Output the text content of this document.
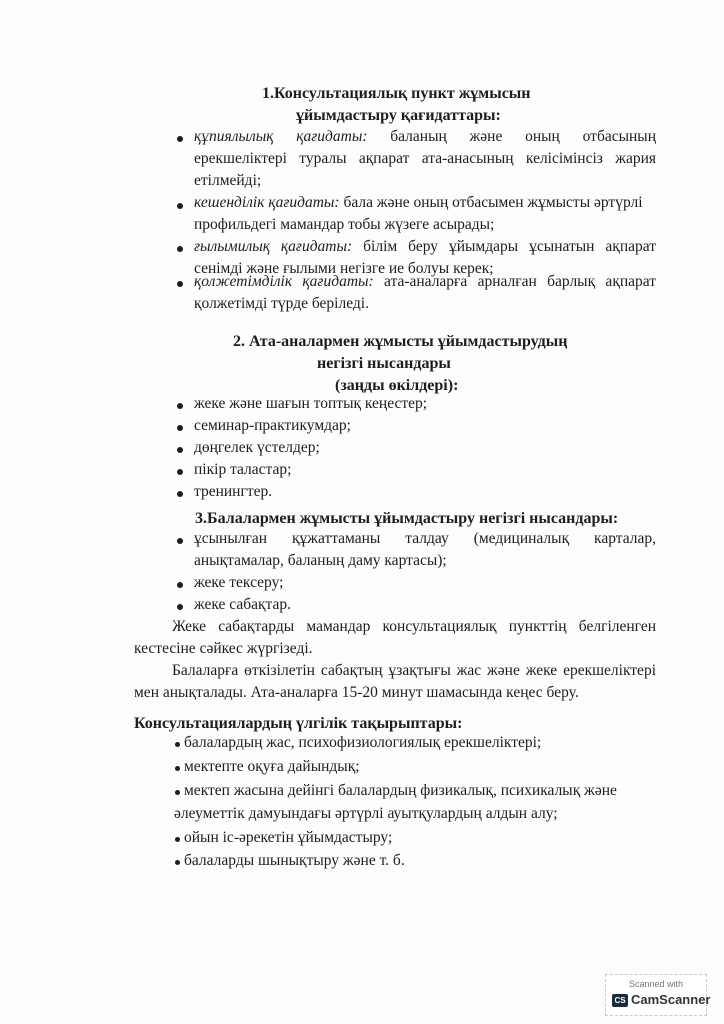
1.Консультациялық пункт жұмысын
ұйымдастыру қағидаттары:
құпиялылық қағидаты: баланың және оның отбасының
ерекшеліктері туралы ақпарат ата-анасының келісімінсіз жария
етілмейді;
кешенділік қағидаты: бала және оның отбасымен жұмысты әртүрлі
профильдегі мамандар тобы жүзеге асырады;
ғылымилық қағидаты: білім беру ұйымдары ұсынатын ақпарат
сенімді және ғылыми негізге ие болуы керек;
қолжетімділік қағидаты: ата-аналарға арналған барлық ақпарат
қолжетімді түрде беріледі.
2. Ата-аналармен жұмысты ұйымдастырудың
негізгі нысандары
(заңды өкілдері):
жеке және шағын топтық кеңестер;
семинар-практикумдар;
дөңгелек үстелдер;
пікір таластар;
тренингтер.
3.Балалармен жұмысты ұйымдастыру негізгі нысандары:
ұсынылған құжаттаманы талдау (медициналық карталар,
анықтамалар, баланың даму картасы);
жеке тексеру;
жеке сабақтар.
Жеке сабақтарды мамандар консультациялық пункттің белгіленген
кестесіне сәйкес жүргізеді.
Балаларға өткізілетін сабақтың ұзақтығы жас және жеке ерекшеліктері
мен анықталады. Ата-аналарға 15-20 минут шамасында кеңес беру.
Консультациялардың үлгілік тақырыптары:
балалардың жас, психофизиологиялық ерекшеліктері;
мектепте оқуға дайындық;
мектеп жасына дейінгі балалардың физикалық, психикалық және
әлеуметтік дамуындағы әртүрлі ауытқулардың алдын алу;
ойын іс-әрекетін ұйымдастыру;
балаларды шынықтыру және т. б.
Scanned with
CS CamScanner
